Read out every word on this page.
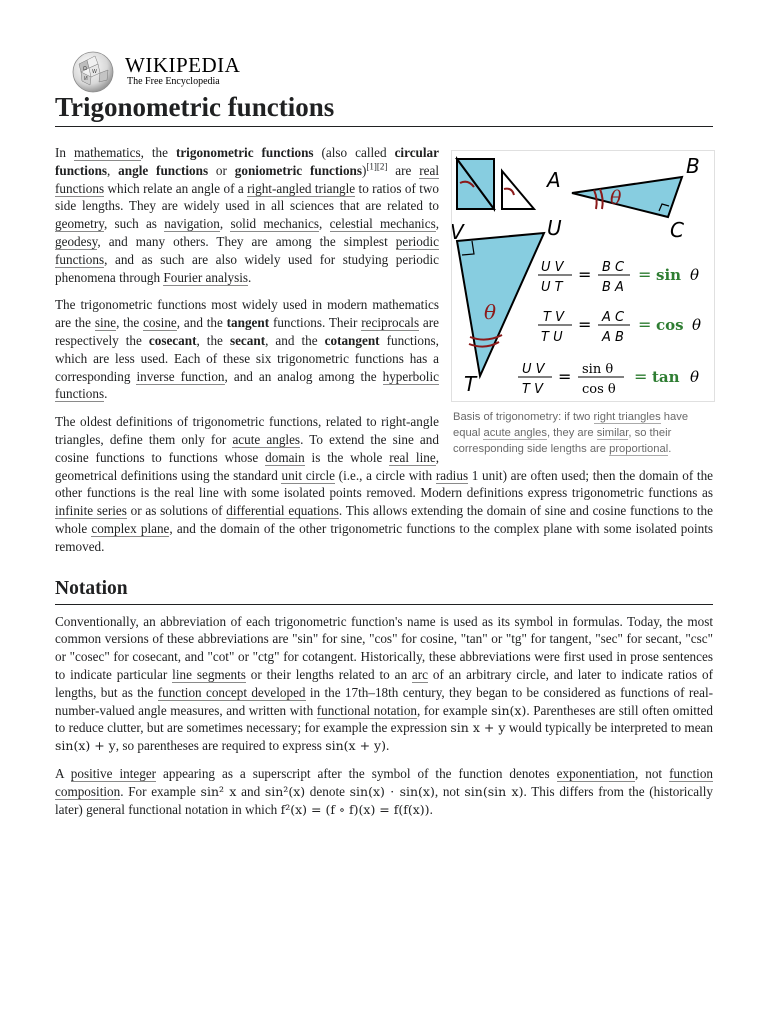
Ω W
И
WIKIPEDIA
The Free Encyclopedia
Trigonometric functions
A
B
C
θ
V	U
T
θ
U V
U T
= B C
B A
= sin θ
T V
T U
= A C
A B
= cos θ
U V
T V
= sin θ
cos θ
= tan θ
Basis of trigonometry: if two right triangles have equal acute angles, they are similar, so their corresponding side lengths are proportional.

In mathematics, the trigonometric functions (also called circular functions, angle functions or goniometric functions)[1][2] are real functions which relate an angle of a right-angled triangle to ratios of two side lengths. They are widely used in all sciences that are related to geometry, such as navigation, solid mechanics, celestial mechanics, geodesy, and many others. They are among the simplest periodic functions, and as such are also widely used for studying periodic phenomena through Fourier analysis.

The trigonometric functions most widely used in modern mathematics are the sine, the cosine, and the tangent functions. Their reciprocals are respectively the cosecant, the secant, and the cotangent functions, which are less used. Each of these six trigonometric functions has a corresponding inverse function, and an analog among the hyperbolic functions.

The oldest definitions of trigonometric functions, related to right-angle triangles, define them only for acute angles. To extend the sine and cosine functions to functions whose domain is the whole real line, geometrical definitions using the standard unit circle (i.e., a circle with radius 1 unit) are often used; then the domain of the other functions is the real line with some isolated points removed. Modern definitions express trigonometric functions as infinite series or as solutions of differential equations. This allows extending the domain of sine and cosine functions to the whole complex plane, and the domain of the other trigonometric functions to the complex plane with some isolated points removed.

Notation

Conventionally, an abbreviation of each trigonometric function's name is used as its symbol in formulas. Today, the most common versions of these abbreviations are "sin" for sine, "cos" for cosine, "tan" or "tg" for tangent, "sec" for secant, "csc" or "cosec" for cosecant, and "cot" or "ctg" for cotangent. Historically, these abbreviations were first used in prose sentences to indicate particular line segments or their lengths related to an arc of an arbitrary circle, and later to indicate ratios of lengths, but as the function concept developed in the 17th–18th century, they began to be considered as functions of real-number-valued angle measures, and written with functional notation, for example sin(x). Parentheses are still often omitted to reduce clutter, but are sometimes necessary; for example the expression sin x + y would typically be interpreted to mean sin(x) + y, so parentheses are required to express sin(x + y).

A positive integer appearing as a superscript after the symbol of the function denotes exponentiation, not function composition. For example sin² x and sin²(x) denote sin(x) · sin(x), not sin(sin x). This differs from the (historically later) general functional notation in which f²(x) = (f ∘ f)(x) = f(f(x)).
